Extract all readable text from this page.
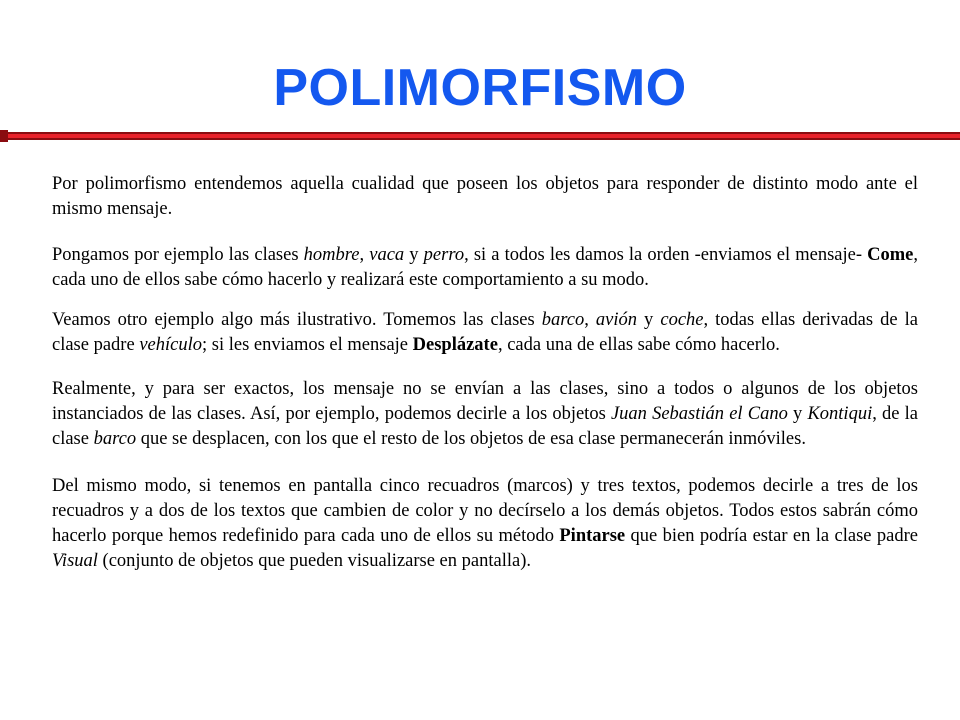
POLIMORFISMO

Por polimorfismo entendemos aquella cualidad que poseen los objetos para responder de distinto modo ante el mismo mensaje.

Pongamos por ejemplo las clases hombre, vaca y perro, si a todos les damos la orden -enviamos el mensaje- Come, cada uno de ellos sabe cómo hacerlo y realizará este comportamiento a su modo.

Veamos otro ejemplo algo más ilustrativo. Tomemos las clases barco, avión y coche, todas ellas derivadas de la clase padre vehículo; si les enviamos el mensaje Desplázate, cada una de ellas sabe cómo hacerlo.

Realmente, y para ser exactos, los mensaje no se envían a las clases, sino a todos o algunos de los objetos instanciados de las clases. Así, por ejemplo, podemos decirle a los objetos Juan Sebastián el Cano y Kontiqui, de la clase barco que se desplacen, con los que el resto de los objetos de esa clase permanecerán inmóviles.

Del mismo modo, si tenemos en pantalla cinco recuadros (marcos) y tres textos, podemos decirle a tres de los recuadros y a dos de los textos que cambien de color y no decírselo a los demás objetos. Todos estos sabrán cómo hacerlo porque hemos redefinido para cada uno de ellos su método Pintarse que bien podría estar en la clase padre Visual (conjunto de objetos que pueden visualizarse en pantalla).
